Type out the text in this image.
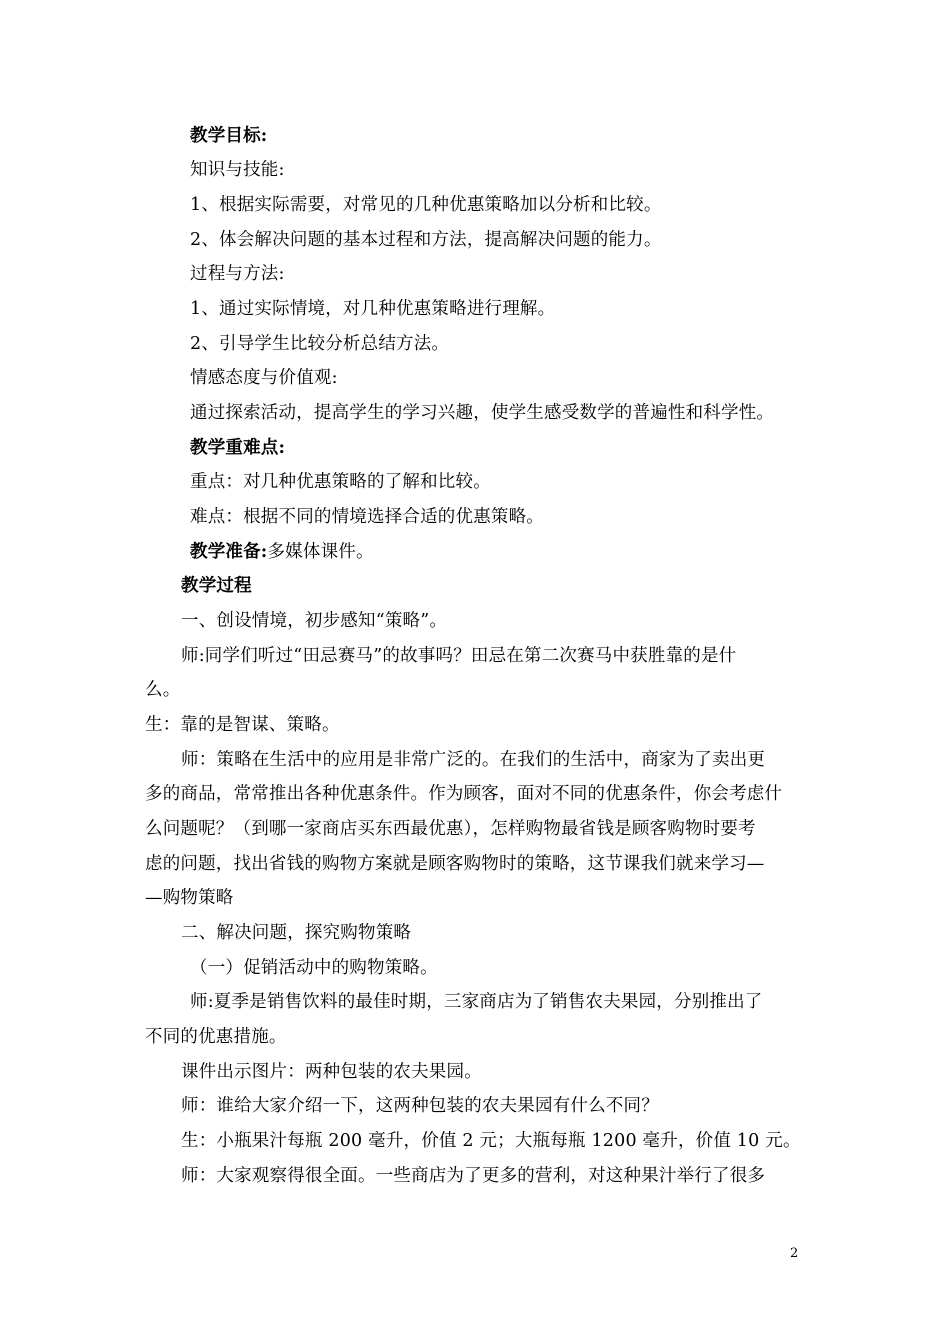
教学目标:
知识与技能:
1、根据实际需要，对常见的几种优惠策略加以分析和比较。
2、体会解决问题的基本过程和方法，提高解决问题的能力。
过程与方法:
1、通过实际情境，对几种优惠策略进行理解。
2、引导学生比较分析总结方法。
情感态度与价值观:
通过探索活动，提高学生的学习兴趣，使学生感受数学的普遍性和科学性。
教学重难点:
重点：对几种优惠策略的了解和比较。
难点：根据不同的情境选择合适的优惠策略。
教学准备:多媒体课件。
教学过程
一、创设情境，初步感知“策略”。
师:同学们听过“田忌赛马”的故事吗？田忌在第二次赛马中获胜靠的是什
么。
生：靠的是智谋、策略。
师：策略在生活中的应用是非常广泛的。在我们的生活中，商家为了卖出更
多的商品，常常推出各种优惠条件。作为顾客，面对不同的优惠条件，你会考虑什
么问题呢？（到哪一家商店买东西最优惠），怎样购物最省钱是顾客购物时要考
虑的问题，找出省钱的购物方案就是顾客购物时的策略，这节课我们就来学习—
—购物策略
二、解决问题，探究购物策略
（一）促销活动中的购物策略。
师:夏季是销售饮料的最佳时期，三家商店为了销售农夫果园，分别推出了
不同的优惠措施。
课件出示图片：两种包装的农夫果园。
师：谁给大家介绍一下，这两种包装的农夫果园有什么不同？
生：小瓶果汁每瓶 200 毫升，价值 2 元；大瓶每瓶 1200 毫升，价值 10 元。
师：大家观察得很全面。一些商店为了更多的营利，对这种果汁举行了很多
2
